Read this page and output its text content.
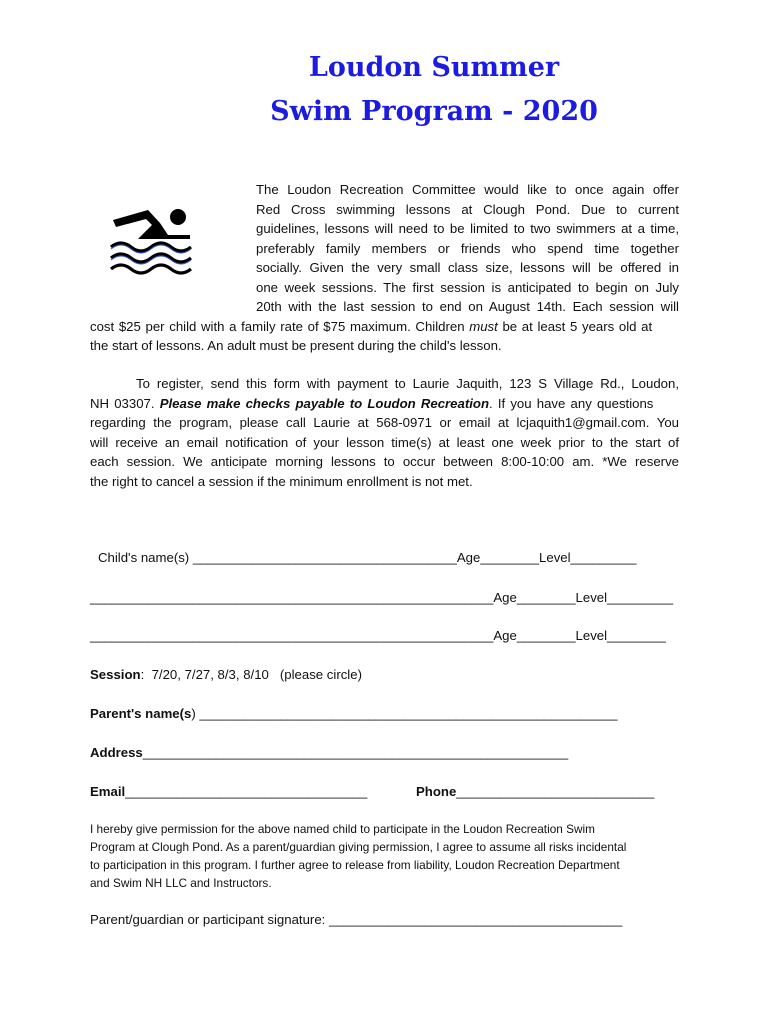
Loudon Summer
Swim Program - 2020
The Loudon Recreation Committee would like to once again offer
Red Cross swimming lessons at Clough Pond. Due to current
guidelines, lessons will need to be limited to two swimmers at a time,
preferably family members or friends who spend time together
socially. Given the very small class size, lessons will be offered in
one week sessions. The first session is anticipated to begin on July
20th with the last session to end on August 14th. Each session will
cost $25 per child with a family rate of $75 maximum. Children must be at least 5 years old at
the start of lessons. An adult must be present during the child's lesson.
To register, send this form with payment to Laurie Jaquith, 123 S Village Rd., Loudon,
NH 03307. Please make checks payable to Loudon Recreation. If you have any questions
regarding the program, please call Laurie at 568-0971 or email at lcjaquith1@gmail.com. You
will receive an email notification of your lesson time(s) at least one week prior to the start of
each session. We anticipate morning lessons to occur between 8:00-10:00 am. *We reserve
the right to cancel a session if the minimum enrollment is not met.
Child's name(s) ____________________________________Age________Level_________
_______________________________________________________Age________Level_________
_______________________________________________________Age________Level________
Session:  7/20, 7/27, 8/3, 8/10   (please circle)
Parent's name(s) _________________________________________________________
Address__________________________________________________________
Email_________________________________	Phone___________________________
I hereby give permission for the above named child to participate in the Loudon Recreation Swim
Program at Clough Pond. As a parent/guardian giving permission, I agree to assume all risks incidental
to participation in this program. I further agree to release from liability, Loudon Recreation Department
and Swim NH LLC and Instructors.
Parent/guardian or participant signature: ________________________________________
